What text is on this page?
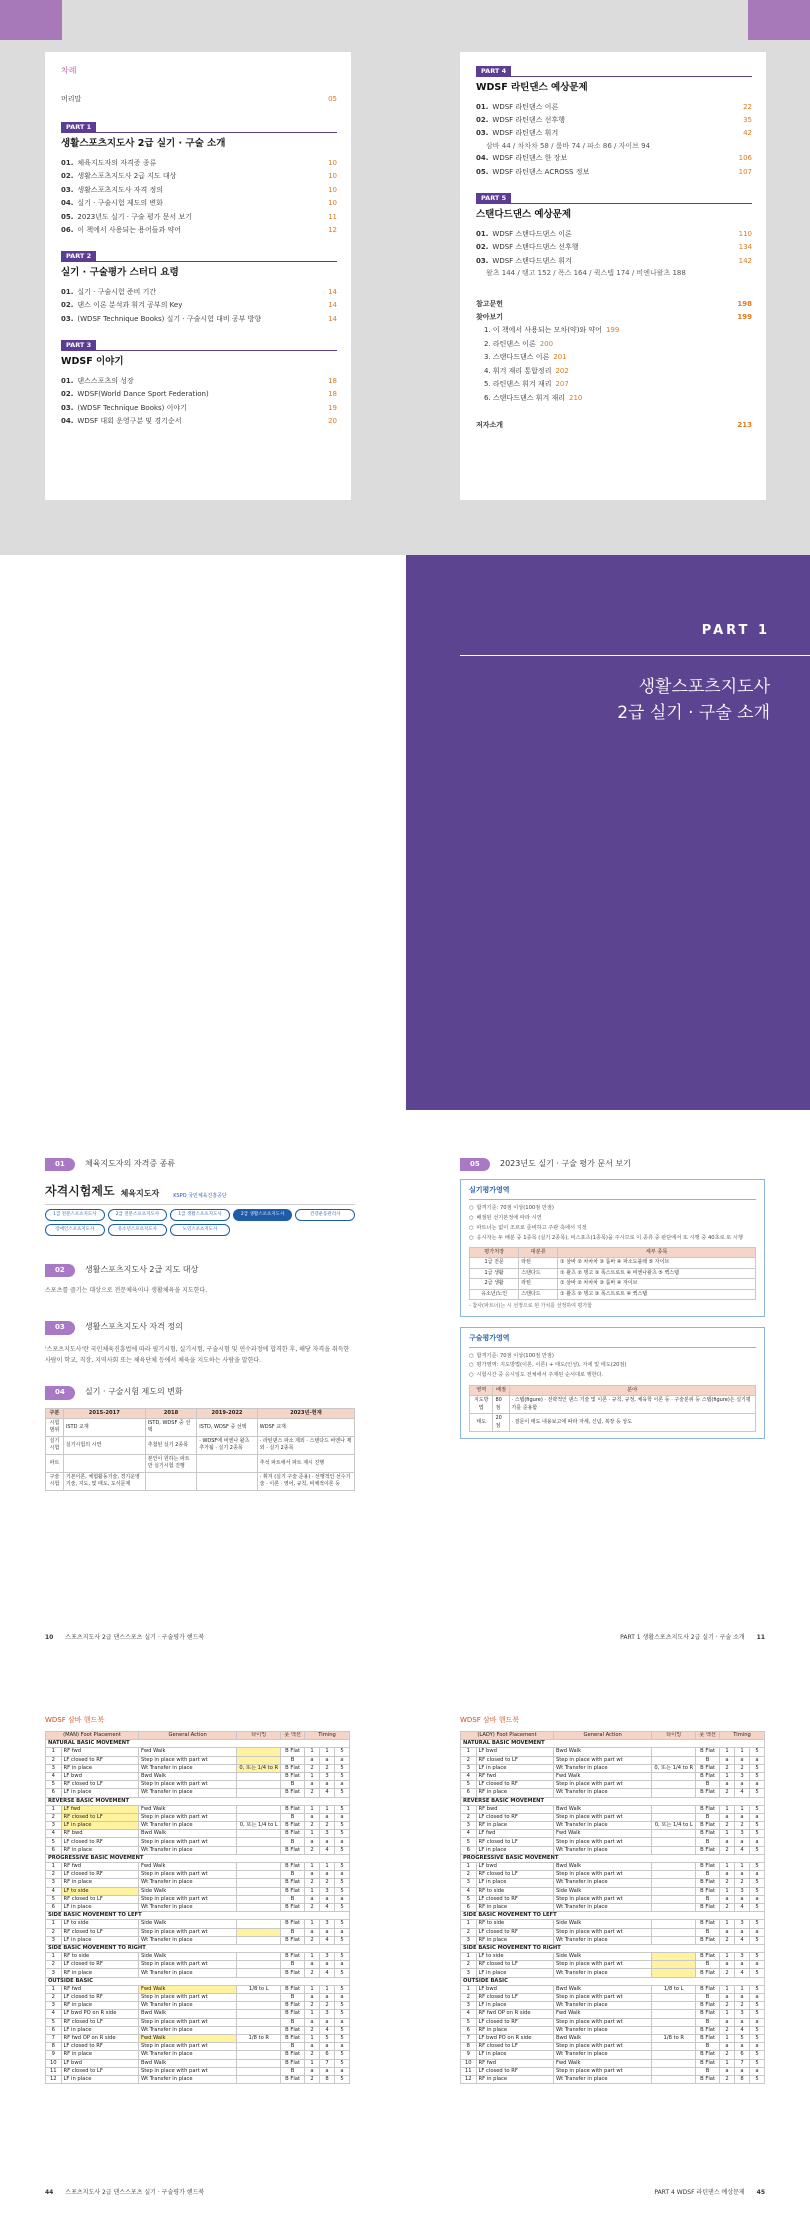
차례
머리말	05
PART 1
생활스포츠지도사 2급 실기 · 구술 소개
01. 체육지도자의 자격증 종류	10
02. 생활스포츠지도사 2급 지도 대상	10
03. 생활스포츠지도사 자격 정의	10
04. 실기 · 구술시험 제도의 변화	10
05. 2023년도 실기 · 구술 평가 문서 보기	11
06. 이 책에서 사용되는 용어들과 약어	12
PART 2
실기 · 구술평가 스터디 요령
01. 실기 · 구술시험 준비 기간	14
02. 댄스 이론 분석과 휘겨 공부의 Key	14
03. (WDSF Technique Books) 실기 · 구술시험 대비 공부 방향	14
PART 3
WDSF 이야기
01. 댄스스포츠의 성장	18
02. WDSF(World Dance Sport Federation)	18
03. (WDSF Technique Books) 이야기	19
04. WDSF 대회 운영구분 및 경기순서	20
PART 4
WDSF 라틴댄스 예상문제
01. WDSF 라틴댄스 이론	22
02. WDSF 라틴댄스 선후행	35
03. WDSF 라틴댄스 휘겨	42
삼바 44 / 차차차 58 / 룸바 74 / 파소 86 / 자이브 94
04. WDSF 라틴댄스 한 장보	106
05. WDSF 라틴댄스 ACROSS 정보	107
PART 5
스탠다드댄스 예상문제
01. WDSF 스탠다드댄스 이론	110
02. WDSF 스탠다드댄스 선후행	134
03. WDSF 스탠다드댄스 휘겨	142
왈츠 144 / 탱고 152 / 폭스 164 / 퀵스텝 174 / 비엔나왈츠 188
참고문헌	198
찾아보기	199
1. 이 책에서 사용되는 모차(약)와 약어 199
2. 라틴댄스 이론 200
3. 스탠다드댄스 이론 201
4. 휘겨 재리 통합정리 202
5. 라틴댄스 휘겨 재리 207
6. 스탠다드댄스 휘겨 재리 210
저자소개	213
PART 1
생활스포츠지도사
2급 실기 · 구술 소개
01	체육지도자의 자격증 종류
자격시험제도 체육지도자	KSPO 국민체육진흥공단
1급 전문스포츠지도사	2급 전문스포츠지도사	1급 생활스포츠지도사	2급 생활스포츠지도사	건강운동관리사
장애인스포츠지도사	유소년스포츠지도사	노인스포츠지도사
02	생활스포츠지도사 2급 지도 대상

스포츠를 즐기는 대상으로 전문체육이나 생활체육을 지도한다.

03	생활스포츠지도사 자격 정의

'스포츠지도사'란 국민체육진흥법에 따라 필기시험, 실기시험, 구술시험 및 연수과정에 합격한 후, 해당 자격을 취득한 사람이 학교, 직장, 지역사회 또는 체육단체 등에서 체육을 지도하는 사람을 말한다.

04	실기 · 구술시험 제도의 변화
구분	2015-2017	2018	2019-2022	2023년-현재
시험 범위	ISTD 교재	ISTD, WDSF 중 선택	ISTD, WDSF 중 선택	WDSF 교재
실기시험	실기시험의 시연	추첨된 실기 2종목	· WDSF에 비엔나 왈츠 추가됨 · 실기 2종목	· 라틴댄스 파소 제외 · 스탠다드 비엔나 제외 · 실기 2종목
파트		본인이 원하는 파트만 실기시험 진행		추석 파트에서 파트 제시 진행
구술시험	기본이론, 체험활동기술, 경기운영기술, 지도, 및 태도, 도식문제			· 휘겨 (실기 구술 준용) · 선행적인 선수기술 · 이론 · 영어, 규칙, 비체적이론 등
10 스포츠지도사 2급 댄스스포츠 실기 · 구술평가 핸드북
05	2023년도 실기 · 구술 평가 문서 보기
실기평가영역
○ 합격기준: 70점 이상(100점 만점)
○ 배점된 선기본정에 따라 시연
○ 파트너는 없이 조르로 준비하고 주관 측에서 지정
○ 응시자는 두 배분 중 1종목 (실기 2종목), 비스포츠(1종목)을 주시므로 이 종류 중 판단에서 또 시행 중 40초로 또 시행
평가처장	대분류	세부 종목
1급 전문	라틴	① 삼바 ② 차차차 ③ 룸바 ④ 파소도블레 ⑤ 자이브
1급 생활	스탠다드	① 왈츠 ② 탱고 ③ 폭스트로트 ④ 비엔나왈츠 ⑤ 퀵스텝
2급 생활	라틴	① 삼바 ② 차차차 ③ 룸바 ④ 자이브
유소년/노인	스탠다드	① 왈츠 ② 탱고 ③ 폭스트로트 ④ 퀵스텝
- 참사(파트너)는 시 선정으로 된 가치를 선정하여 평가함
구술평가영역
○ 합격기준: 70점 이상(100점 만점)
○ 평가영역: 지도방법(이론, 이론) + 태도(인성), 자세 및 태도(20점)
○ 시험시간 중 응시일도 전체에서 주재된 순서대로 행한다.
영역	배점	분야
지도방법	80점	· 스텝(figure) · 전략적인 댄스 기술 및 이론 · 규칙, 규정, 체육학 이론 등 · 구술분위 등 스텝(figure)은 실기평가를 준용함
태도	20점	· 질문이 태도 내용보고에 따라 자세, 신념, 복장 등 상도
PART 1 생활스포츠지도사 2급 실기 · 구술 소개 11
WDSF 삼바 핸드북
(MAN) Foot Placement		General Action	타이밍	풋 액션	Timing		
NATURAL BASIC MOVEMENT							
1	RF fwd	Fwd Walk		B Flat	1	1	5
2	LF closed to RF	Step in place with part wt		B	a	a	a
3	RF in place	Wt Transfer in place	0, 또는 1/4 to R	B Flat	2	2	5
4	LF bwd	Bwd Walk		B Flat	1	3	5
5	RF closed to LF	Step in place with part wt		B	a	a	a
6	LF in place	Wt Transfer in place		B Flat	2	4	5
REVERSE BASIC MOVEMENT							
1	LF fwd	Fwd Walk		B Flat	1	1	5
2	RF closed to LF	Step in place with part wt		B	a	a	a
3	LF in place	Wt Transfer in place	0, 또는 1/4 to L	B Flat	2	2	5
4	RF bwd	Bwd Walk		B Flat	1	3	5
5	LF closed to RF	Step in place with part wt		B	a	a	a
6	RF in place	Wt Transfer in place		B Flat	2	4	5
PROGRESSIVE BASIC MOVEMENT							
1	RF fwd	Fwd Walk		B Flat	1	1	5
2	LF closed to RF	Step in place with part wt		B	a	a	a
3	RF in place	Wt Transfer in place		B Flat	2	2	5
4	LF to side	Side Walk		B Flat	1	3	5
5	RF closed to LF	Step in place with part wt		B	a	a	a
6	LF in place	Wt Transfer in place		B Flat	2	4	5
SIDE BASIC MOVEMENT TO LEFT							
1	LF to side	Side Walk		B Flat	1	3	5
2	RF closed to LF	Step in place with part wt		B	a	a	a
3	LF in place	Wt Transfer in place		B Flat	2	4	5
SIDE BASIC MOVEMENT TO RIGHT							
1	RF to side	Side Walk		B Flat	1	3	5
2	LF closed to RF	Step in place with part wt		B	a	a	a
3	RF in place	Wt Transfer in place		B Flat	2	4	5
OUTSIDE BASIC							
1	RF fwd	Fwd Walk	1/8 to L	B Flat	1	1	5
2	LF closed to RF	Step in place with part wt		B	a	a	a
3	RF in place	Wt Transfer in place		B Flat	2	2	5
4	LF bwd PO on R side	Bwd Walk		B Flat	1	3	5
5	RF closed to LF	Step in place with part wt		B	a	a	a
6	LF in place	Wt Transfer in place		B Flat	2	4	5
7	RF fwd OP on R side	Fwd Walk	1/8 to R	B Flat	1	5	5
8	LF closed to RF	Step in place with part wt		B	a	a	a
9	RF in place	Wt Transfer in place		B Flat	2	6	5
10	LF bwd	Bwd Walk		B Flat	1	7	5
11	RF closed to LF	Step in place with part wt		B	a	a	a
12	LF in place	Wt Transfer in place		B Flat	2	8	5
44 스포츠지도사 2급 댄스스포츠 실기 · 구술평가 핸드북
WDSF 삼바 핸드북
(LADY) Foot Placement		General Action	타이밍	풋 액션	Timing		
NATURAL BASIC MOVEMENT							
1	LF bwd	Bwd Walk		B Flat	1	1	5
2	RF closed to LF	Step in place with part wt		B	a	a	a
3	LF in place	Wt Transfer in place	0, 또는 1/4 to R	B Flat	2	2	5
4	RF fwd	Fwd Walk		B Flat	1	3	5
5	LF closed to RF	Step in place with part wt		B	a	a	a
6	RF in place	Wt Transfer in place		B Flat	2	4	5
REVERSE BASIC MOVEMENT							
1	RF bwd	Bwd Walk		B Flat	1	1	5
2	LF closed to RF	Step in place with part wt		B	a	a	a
3	RF in place	Wt Transfer in place	0, 또는 1/4 to L	B Flat	2	2	5
4	LF fwd	Fwd Walk		B Flat	1	3	5
5	RF closed to LF	Step in place with part wt		B	a	a	a
6	LF in place	Wt Transfer in place		B Flat	2	4	5
PROGRESSIVE BASIC MOVEMENT							
1	LF bwd	Bwd Walk		B Flat	1	1	5
2	RF closed to LF	Step in place with part wt		B	a	a	a
3	LF in place	Wt Transfer in place		B Flat	2	2	5
4	RF to side	Side Walk		B Flat	1	3	5
5	LF closed to RF	Step in place with part wt		B	a	a	a
6	RF in place	Wt Transfer in place		B Flat	2	4	5
SIDE BASIC MOVEMENT TO LEFT							
1	RF to side	Side Walk		B Flat	1	3	5
2	LF closed to RF	Step in place with part wt		B	a	a	a
3	RF in place	Wt Transfer in place		B Flat	2	4	5
SIDE BASIC MOVEMENT TO RIGHT							
1	LF to side	Side Walk		B Flat	1	3	5
2	RF closed to LF	Step in place with part wt		B	a	a	a
3	LF in place	Wt Transfer in place		B Flat	2	4	5
OUTSIDE BASIC							
1	LF bwd	Bwd Walk	1/8 to L	B Flat	1	1	5
2	RF closed to LF	Step in place with part wt		B	a	a	a
3	LF in place	Wt Transfer in place		B Flat	2	2	5
4	RF fwd OP on R side	Fwd Walk		B Flat	1	3	5
5	LF closed to RF	Step in place with part wt		B	a	a	a
6	RF in place	Wt Transfer in place		B Flat	2	4	5
7	LF bwd PO on R side	Bwd Walk	1/8 to R	B Flat	1	5	5
8	RF closed to LF	Step in place with part wt		B	a	a	a
9	LF in place	Wt Transfer in place		B Flat	2	6	5
10	RF fwd	Fwd Walk		B Flat	1	7	5
11	LF closed to RF	Step in place with part wt		B	a	a	a
12	RF in place	Wt Transfer in place		B Flat	2	8	5
PART 4 WDSF 라틴댄스 예상문제 45
